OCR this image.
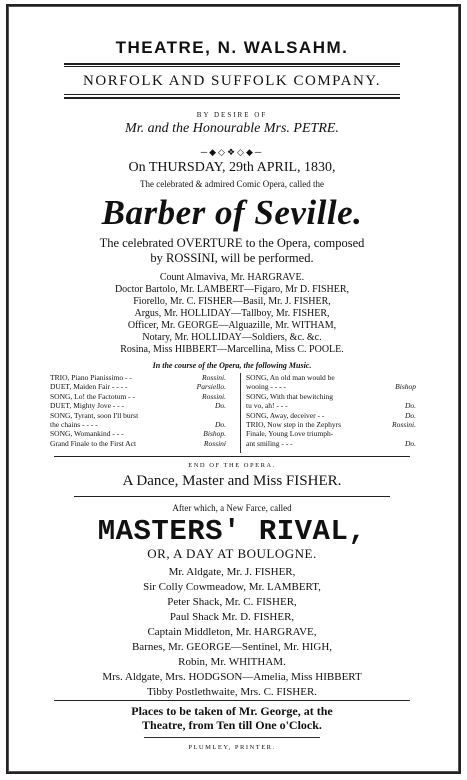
THEATRE, N. WALSAHM.
NORFOLK AND SUFFOLK COMPANY.
BY DESIRE OF
Mr. and the Honourable Mrs. PETRE.
─◆◇❖◇◆─
On THURSDAY, 29th APRIL, 1830,
The celebrated & admired Comic Opera, called the
Barber of Seville.
The celebrated OVERTURE to the Opera, composed
by ROSSINI, will be performed.
Count Almaviva, Mr. HARGRAVE.
Doctor Bartolo, Mr. LAMBERT—Figaro, Mr D. FISHER,
Fiorello, Mr. C. FISHER—Basil, Mr. J. FISHER,
Argus, Mr. HOLLIDAY—Tallboy, Mr. FISHER,
Officer, Mr. GEORGE—Alguazille, Mr. WITHAM,
Notary, Mr. HOLLIDAY—Soldiers, &c. &c.
Rosina, Miss HIBBERT—Marcellina, Miss C. POOLE.
In the course of the Opera, the following Music.
TRIO, Piano Pianissimo - -	Rossini.
DUET, Maiden Fair - - - -	Parsiello.
SONG, Lo! the Factotum - -	Rossini.
DUET, Mighty Jove - - -	Do.
SONG, Tyrant, soon I'll burst
the chains - - - -	Do.
SONG, Womankind - - -	Bishop.
Grand Finale to the First Act	Rossini
SONG, An old man would be
wooing - - - -	Bishop
SONG, With that bewitching
tu vo, ah! - - -	Do.
SONG, Away, deceiver - -	Do.
TRIO, Now step in the Zephyrs	Rossini.
Finale, Young Love triumph-
ant smiling - - -	Do.
END OF THE OPERA.
A Dance, Master and Miss FISHER.
After which, a New Farce, called
MASTERS' RIVAL,
OR, A DAY AT BOULOGNE.
Mr. Aldgate, Mr. J. FISHER,
Sir Colly Cowmeadow, Mr. LAMBERT,
Peter Shack, Mr. C. FISHER,
Paul Shack Mr. D. FISHER,
Captain Middleton, Mr. HARGRAVE,
Barnes, Mr. GEORGE—Sentinel, Mr. HIGH,
Robin, Mr. WHITHAM.
Mrs. Aldgate, Mrs. HODGSON—Amelia, Miss HIBBERT
Tibby Postlethwaite, Mrs. C. FISHER.
Places to be taken of Mr. George, at the
Theatre, from Ten till One o'Clock.
PLUMLEY, PRINTER.
